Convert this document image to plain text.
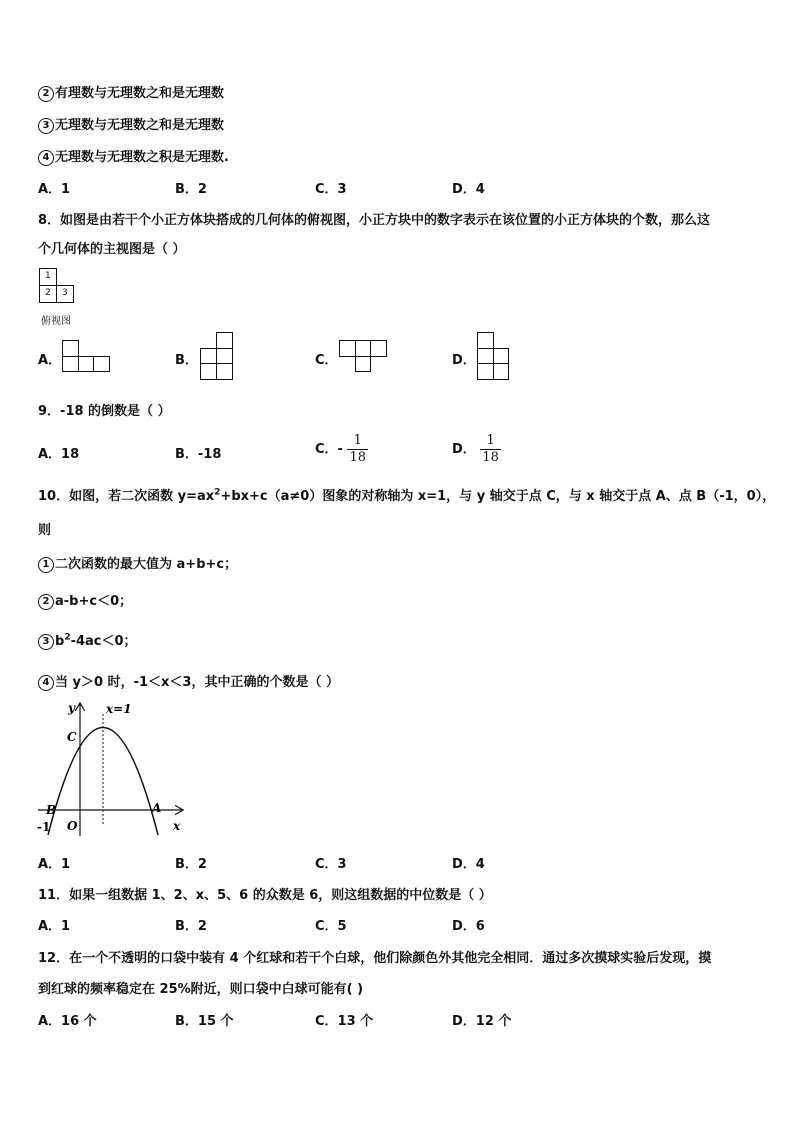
2 有理数与无理数之和是无理数
3 无理数与无理数之和是无理数
4 无理数与无理数之积是无理数.
A．1	B．2	C．3	D．4
8．如图是由若干个小正方体块搭成的几何体的俯视图，小正方块中的数字表示在该位置的小正方体块的个数，那么这
个几何体的主视图是（ ）
1
2 3
俯视图
A．	B．	C．	D．
9．-18 的倒数是（ ）
A．18	B．-18	C．- $\frac{1}{18}$	D． $\frac{1}{18}$
10．如图，若二次函数 $y=ax^2+bx+c(a\ne 0)$图象的对称轴为 x=1，与 y 轴交于点 C，与 x 轴交于点 A、点 B（-1，0），
则
1 二次函数的最大值为 a+b+c；
2 a-b+c＜0；
3 $b^2-4ac<0$；
4 当 y＞0 时，-1＜x＜3，其中正确的个数是（ ）
y
x
x=1
C
B	A
O
-1
A．1	B．2	C．3	D．4
11．如果一组数据 1、2、x、5、6 的众数是 6，则这组数据的中位数是（ ）
A．1	B．2	C．5	D．6
12．在一个不透明的口袋中装有 4 个红球和若干个白球，他们除颜色外其他完全相同．通过多次摸球实验后发现，摸
到红球的频率稳定在 25%附近，则口袋中白球可能有( )
A．16 个	B．15 个	C．13 个	D．12 个
